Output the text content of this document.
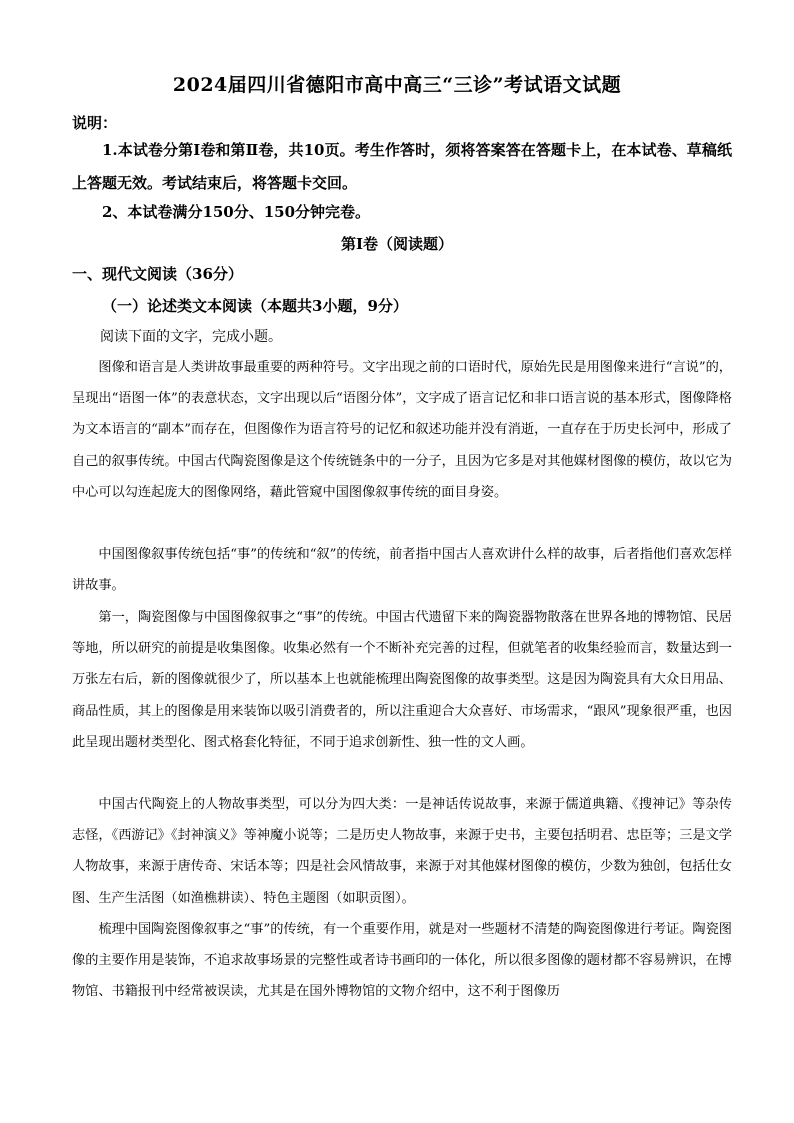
2024届四川省德阳市高中高三“三诊”考试语文试题
说明：

1.本试卷分第Ⅰ卷和第Ⅱ卷，共10页。考生作答时，须将答案答在答题卡上，在本试卷、草稿纸上答题无效。考试结束后，将答题卡交回。

2、本试卷满分150分、150分钟完卷。

第Ⅰ卷（阅读题）
一、现代文阅读（36分）
（一）论述类文本阅读（本题共3小题，9分）
阅读下面的文字，完成小题。

图像和语言是人类讲故事最重要的两种符号。文字出现之前的口语时代，原始先民是用图像来进行“言说”的，呈现出“语图一体”的表意状态，文字出现以后“语图分体”，文字成了语言记忆和非口语言说的基本形式，图像降格为文本语言的“副本”而存在，但图像作为语言符号的记忆和叙述功能并没有消逝，一直存在于历史长河中，形成了自己的叙事传统。中国古代陶瓷图像是这个传统链条中的一分子，且因为它多是对其他媒材图像的模仿，故以它为中心可以勾连起庞大的图像网络，藉此管窥中国图像叙事传统的面目身姿。

中国图像叙事传统包括“事”的传统和“叙”的传统，前者指中国古人喜欢讲什么样的故事，后者指他们喜欢怎样讲故事。

第一，陶瓷图像与中国图像叙事之“事”的传统。中国古代遗留下来的陶瓷器物散落在世界各地的博物馆、民居等地，所以研究的前提是收集图像。收集必然有一个不断补充完善的过程，但就笔者的收集经验而言，数量达到一万张左右后，新的图像就很少了，所以基本上也就能梳理出陶瓷图像的故事类型。这是因为陶瓷具有大众日用品、商品性质，其上的图像是用来装饰以吸引消费者的，所以注重迎合大众喜好、市场需求，“跟风”现象很严重，也因此呈现出题材类型化、图式格套化特征，不同于追求创新性、独一性的文人画。

中国古代陶瓷上的人物故事类型，可以分为四大类：一是神话传说故事，来源于儒道典籍、《搜神记》等杂传志怪，《西游记》《封神演义》等神魔小说等；二是历史人物故事，来源于史书，主要包括明君、忠臣等；三是文学人物故事，来源于唐传奇、宋话本等；四是社会风情故事，来源于对其他媒材图像的模仿，少数为独创，包括仕女图、生产生活图（如渔樵耕读）、特色主题图（如职贡图）。

梳理中国陶瓷图像叙事之“事”的传统，有一个重要作用，就是对一些题材不清楚的陶瓷图像进行考证。陶瓷图像的主要作用是装饰，不追求故事场景的完整性或者诗书画印的一体化，所以很多图像的题材都不容易辨识，在博物馆、书籍报刊中经常被误读，尤其是在国外博物馆的文物介绍中，这不利于图像历
